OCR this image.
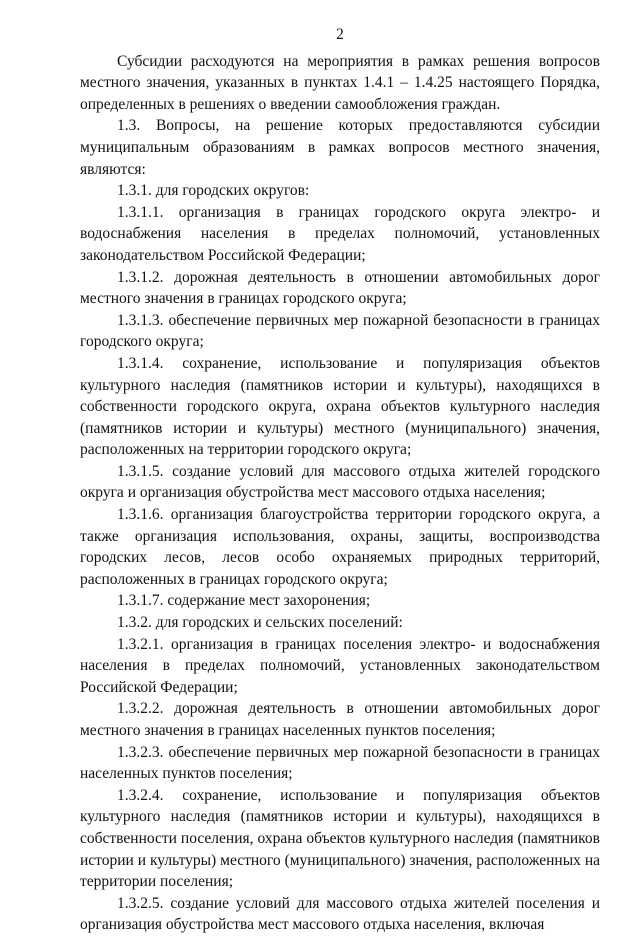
2

Субсидии расходуются на мероприятия в рамках решения вопросов местного значения, указанных в пунктах 1.4.1 – 1.4.25 настоящего Порядка, определенных в решениях о введении самообложения граждан.

1.3. Вопросы, на решение которых предоставляются субсидии муниципальным образованиям в рамках вопросов местного значения, являются:

1.3.1. для городских округов:

1.3.1.1. организация в границах городского округа электро- и водоснабжения населения в пределах полномочий, установленных законодательством Российской Федерации;

1.3.1.2. дорожная деятельность в отношении автомобильных дорог местного значения в границах городского округа;

1.3.1.3. обеспечение первичных мер пожарной безопасности в границах городского округа;

1.3.1.4. сохранение, использование и популяризация объектов культурного наследия (памятников истории и культуры), находящихся в собственности городского округа, охрана объектов культурного наследия (памятников истории и культуры) местного (муниципального) значения, расположенных на территории городского округа;

1.3.1.5. создание условий для массового отдыха жителей городского округа и организация обустройства мест массового отдыха населения;

1.3.1.6. организация благоустройства территории городского округа, а также организация использования, охраны, защиты, воспроизводства городских лесов, лесов особо охраняемых природных территорий, расположенных в границах городского округа;

1.3.1.7. содержание мест захоронения;

1.3.2. для городских и сельских поселений:

1.3.2.1. организация в границах поселения электро- и водоснабжения населения в пределах полномочий, установленных законодательством Российской Федерации;

1.3.2.2. дорожная деятельность в отношении автомобильных дорог местного значения в границах населенных пунктов поселения;

1.3.2.3. обеспечение первичных мер пожарной безопасности в границах населенных пунктов поселения;

1.3.2.4. сохранение, использование и популяризация объектов культурного наследия (памятников истории и культуры), находящихся в собственности поселения, охрана объектов культурного наследия (памятников истории и культуры) местного (муниципального) значения, расположенных на территории поселения;

1.3.2.5. создание условий для массового отдыха жителей поселения и организация обустройства мест массового отдыха населения, включая
